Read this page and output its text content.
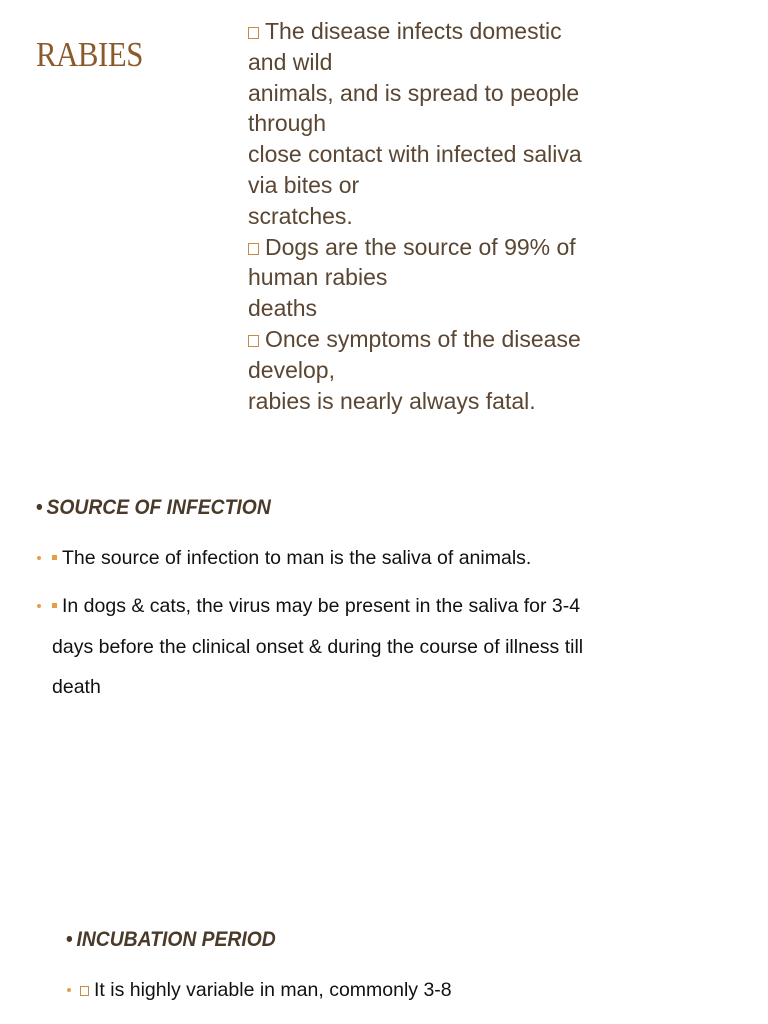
RABIES
The disease infects domestic
and wild
animals, and is spread to people
through
close contact with infected saliva
via bites or
scratches.
Dogs are the source of 99% of
human rabies
deaths
Once symptoms of the disease
develop,
rabies is nearly always fatal.
• SOURCE OF INFECTION
The source of infection to man is the saliva of animals.
In dogs & cats, the virus may be present in the saliva for 3-4
days before the clinical onset & during the course of illness till
death
• INCUBATION PERIOD
It is highly variable in man, commonly 3-8
